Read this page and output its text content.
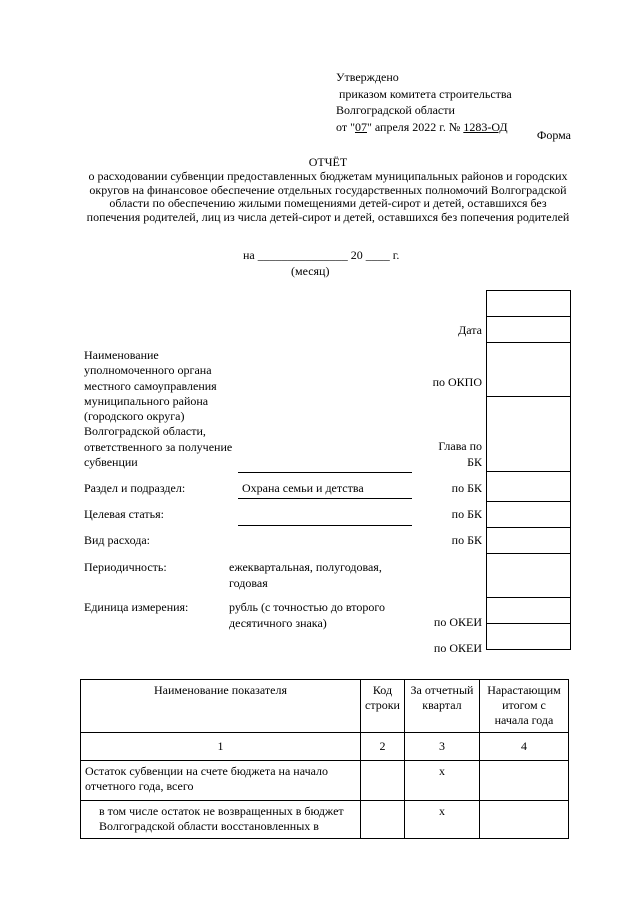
Утверждено
приказом комитета строительства
Волгоградской области
от "07" апреля 2022 г. № 1283-ОД
Форма
ОТЧЁТ
о расходовании субвенции предоставленных бюджетам муниципальных районов и городских округов на финансовое обеспечение отдельных государственных полномочий Волгоградской области по обеспечению жилыми помещениями детей-сирот и детей, оставшихся без попечения родителей, лиц из числа детей-сирот и детей, оставшихся без попечения родителей
на _______________ 20 ____ г.
(месяц)
Дата
по ОКПО
Глава по БК
по БК
по БК
по БК
по ОКЕИ
по ОКЕИ
Наименование уполномоченного органа местного самоуправления муниципального района (городского округа) Волгоградской области, ответственного за получение субвенции
Раздел и подраздел:	Охрана семьи и детства
Целевая статья:
Вид расхода:
Периодичность:	ежеквартальная, полугодовая, годовая
Единица измерения:	рубль (с точностью до второго десятичного знака)
Наименование показателя	Код строки	За отчетный квартал	Нарастающим итогом с начала года
1	2	3	4
Остаток субвенции на счете бюджета на начало отчетного года, всего		х	
в том числе остаток не возвращенных в бюджет Волгоградской области восстановленных в		х	
